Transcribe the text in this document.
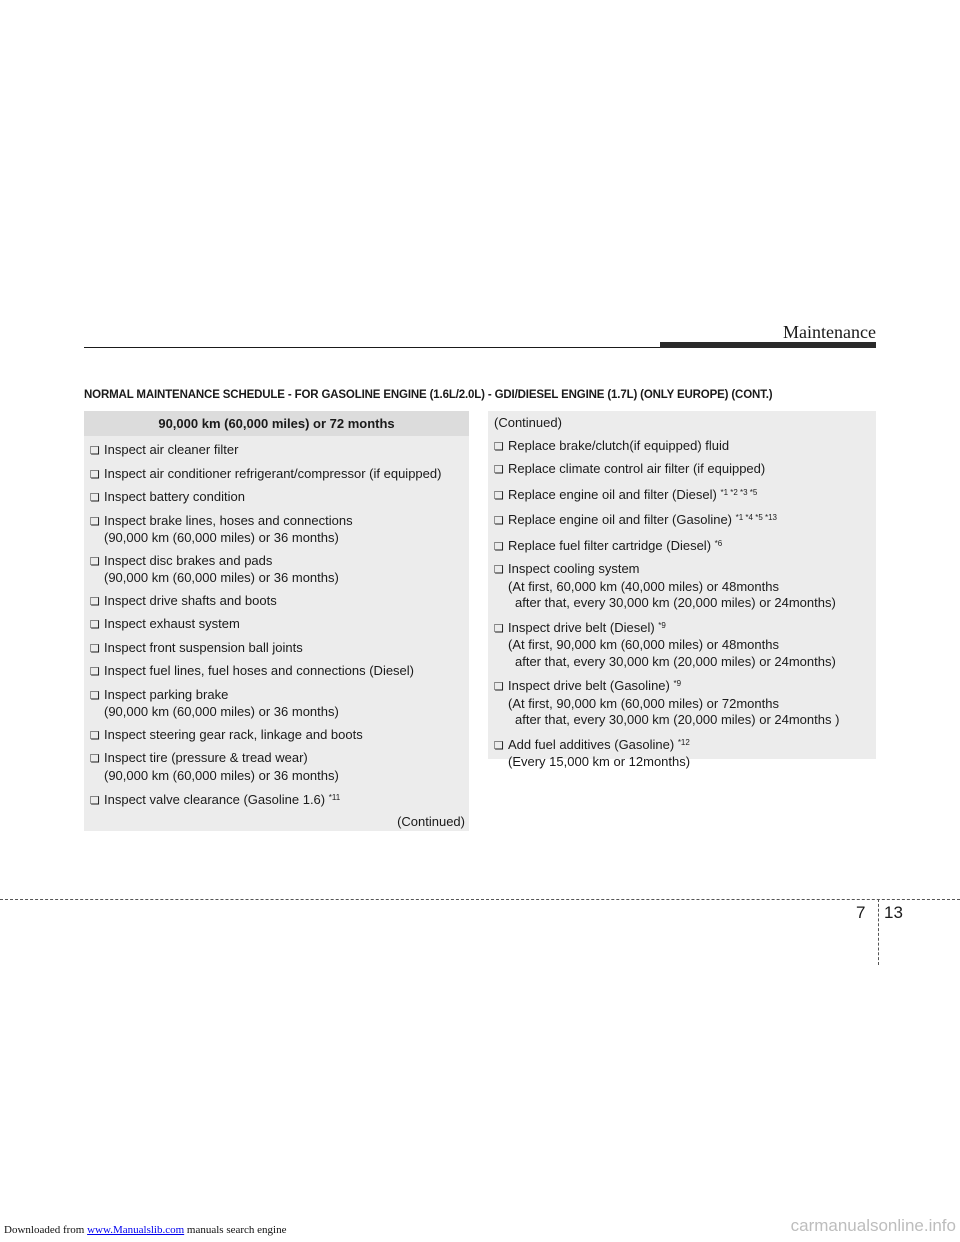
Maintenance
NORMAL MAINTENANCE SCHEDULE - FOR GASOLINE ENGINE (1.6L/2.0L) - GDI/DIESEL ENGINE (1.7L) (ONLY EUROPE) (CONT.)
90,000 km (60,000 miles) or 72 months
❏ Inspect air cleaner filter
❏ Inspect air conditioner refrigerant/compressor (if equipped)
❏ Inspect battery condition
❏ Inspect brake lines, hoses and connections
(90,000 km (60,000 miles) or 36 months)
❏ Inspect disc brakes and pads
(90,000 km (60,000 miles) or 36 months)
❏ Inspect drive shafts and boots
❏ Inspect exhaust system
❏ Inspect front suspension ball joints
❏ Inspect fuel lines, fuel hoses and connections (Diesel)
❏ Inspect parking brake
(90,000 km (60,000 miles) or 36 months)
❏ Inspect steering gear rack, linkage and boots
❏ Inspect tire (pressure & tread wear)
(90,000 km (60,000 miles) or 36 months)
❏ Inspect valve clearance (Gasoline 1.6) $^{*11}$
(Continued)
(Continued)
❏ Replace brake/clutch(if equipped) fluid
❏ Replace climate control air filter (if equipped)
❏ Replace engine oil and filter (Diesel) $^{*1 *2 *3 *5}$
❏ Replace engine oil and filter (Gasoline) $^{*1 *4 *5 *13}$
❏ Replace fuel filter cartridge (Diesel) $^{*6}$
❏ Inspect cooling system
(At first, 60,000 km (40,000 miles) or 48months
after that, every 30,000 km (20,000 miles) or 24months)
❏ Inspect drive belt (Diesel) $^{*9}$
(At first, 90,000 km (60,000 miles) or 48months
after that, every 30,000 km (20,000 miles) or 24months)
❏ Inspect drive belt (Gasoline) $^{*9}$
(At first, 90,000 km (60,000 miles) or 72months
after that, every 30,000 km (20,000 miles) or 24months )
❏ Add fuel additives (Gasoline) $^{*12}$
(Every 15,000 km or 12months)
7 13
Downloaded from www.Manualslib.com manuals search engine	carmanualsonline.info
